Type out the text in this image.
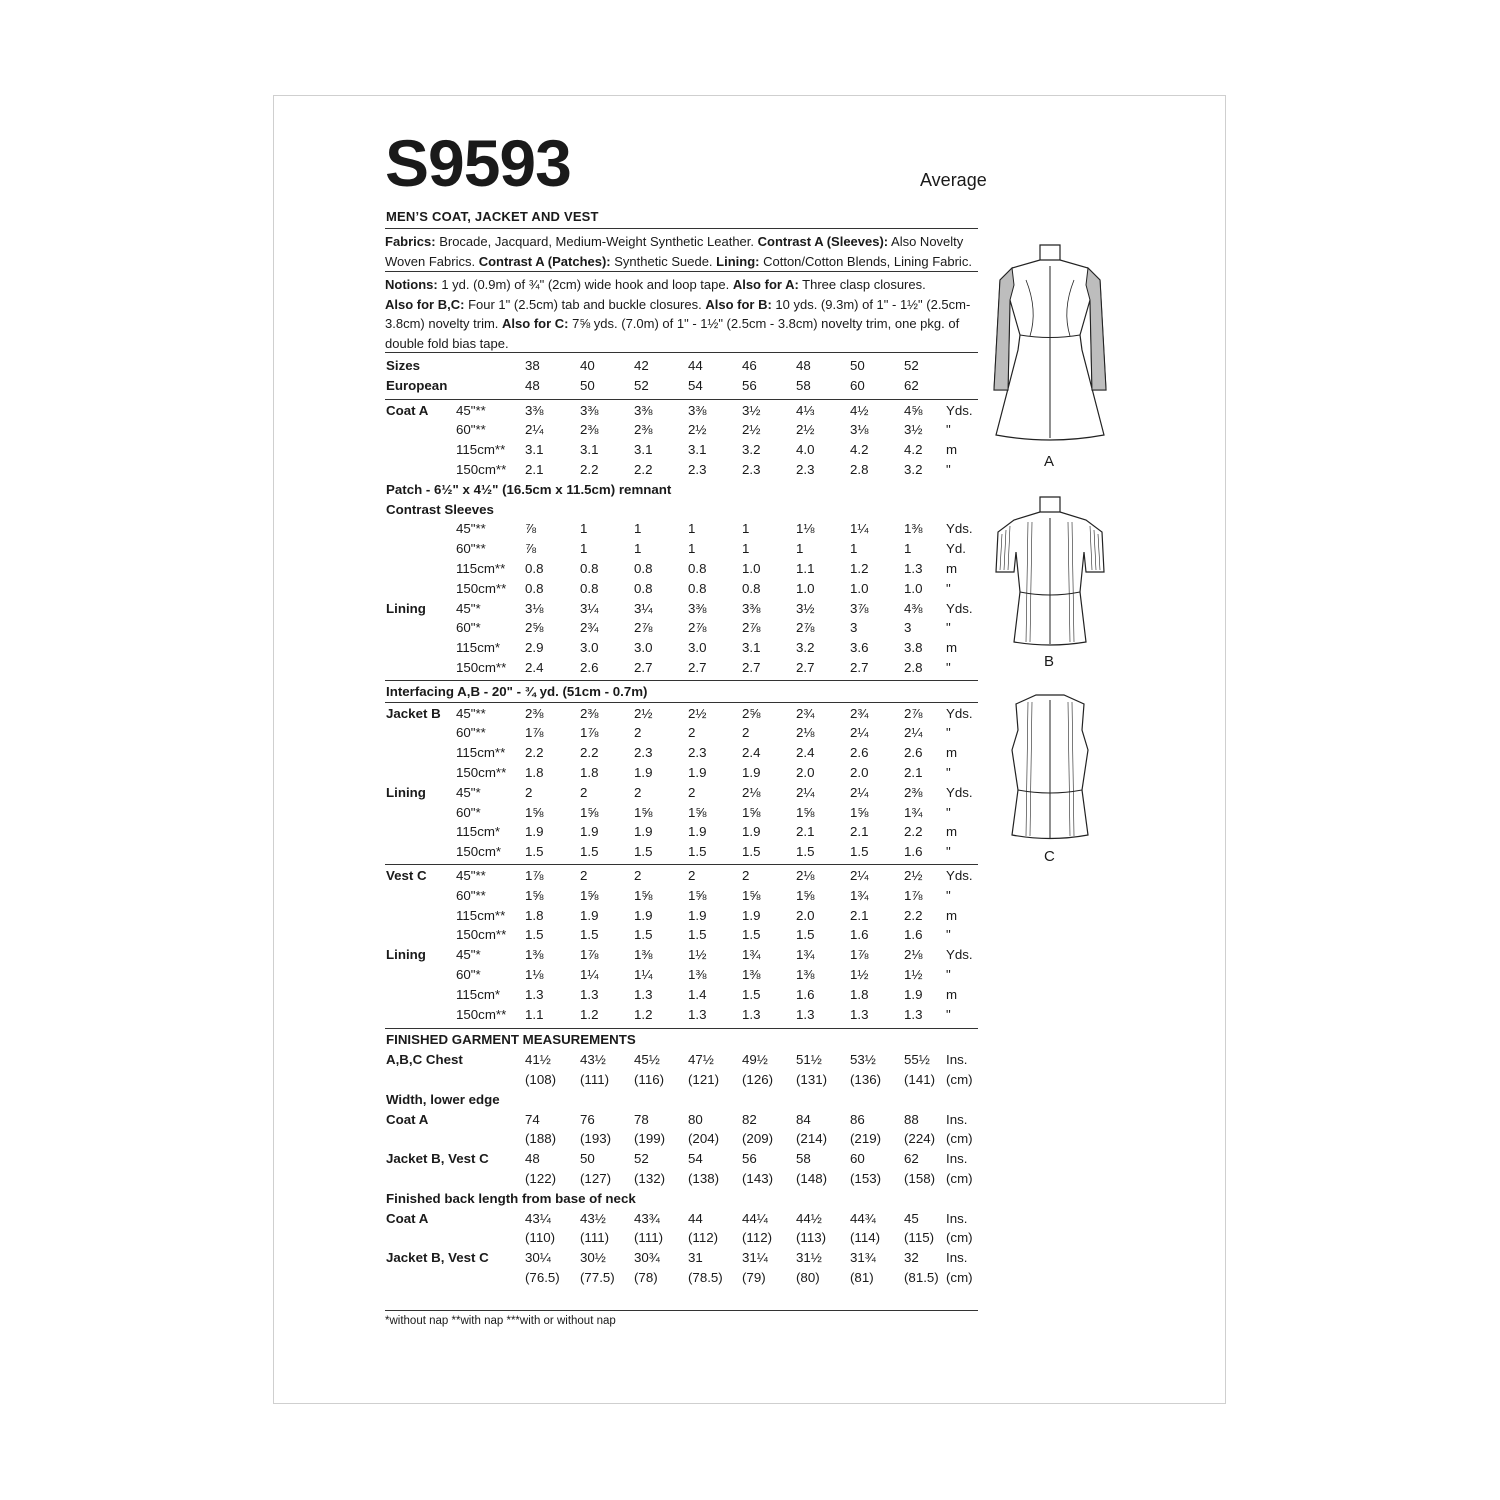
S9593	Average
MEN’S COAT, JACKET AND VEST
Fabrics: Brocade, Jacquard, Medium-Weight Synthetic Leather. Contrast A (Sleeves): Also Novelty Woven Fabrics. Contrast A (Patches): Synthetic Suede. Lining: Cotton/Cotton Blends, Lining Fabric.
Notions: 1 yd. (0.9m) of ¾" (2cm) wide hook and loop tape. Also for A: Three clasp closures.
Also for B,C: Four 1" (2.5cm) tab and buckle closures. Also for B: 10 yds. (9.3m) of 1" - 1½" (2.5cm-3.8cm) novelty trim. Also for C: 7⅝ yds. (7.0m) of 1" - 1½" (2.5cm - 3.8cm) novelty trim, one pkg. of double fold bias tape.
Sizes	38	40	42	44	46	48	50	52
European	48	50	52	54	56	58	60	62
Coat A 45"**	3⅜	3⅜	3⅜	3⅜	3½	4⅓	4½	4⅝ Yds.
60"**	2¼	2⅜	2⅜	2½	2½	2½	3⅛	3½ "
115cm** 3.1	3.1	3.1	3.1	3.2	4.0	4.2	4.2 m
150cm** 2.1	2.2	2.2	2.3	2.3	2.3	2.8	3.2 "
Patch - 6½" x 4½" (16.5cm x 11.5cm) remnant
Contrast Sleeves
45"**	⅞	1	1	1	1	1⅛	1¼	1⅜ Yds.
60"**	⅞	1	1	1	1	1	1	1	Yd.
115cm** 0.8	0.8	0.8	0.8	1.0	1.1	1.2	1.3 m
150cm** 0.8	0.8	0.8	0.8	0.8	1.0	1.0	1.0 "
Lining 45"*	3⅛	3¼	3¼	3⅜	3⅜	3½	3⅞	4⅜ Yds.
60"*	2⅝	2¾	2⅞	2⅞	2⅞	2⅞	3	3	"
115cm* 2.9	3.0	3.0	3.0	3.1	3.2	3.6	3.8 m
150cm** 2.4	2.6	2.7	2.7	2.7	2.7	2.7	2.8 "
Interfacing A,B - 20" - ¾ yd. (51cm - 0.7m)
Jacket B 45"**	2⅜	2⅜	2½	2½	2⅝	2¾	2¾	2⅞ Yds.
60"**	1⅞	1⅞	2	2	2	2⅛	2¼	2¼ "
115cm** 2.2	2.2	2.3	2.3	2.4	2.4	2.6	2.6 m
150cm** 1.8	1.8	1.9	1.9	1.9	2.0	2.0	2.1 "
Lining 45"*	2	2	2	2	2⅛	2¼	2¼	2⅜ Yds.
60"*	1⅝	1⅝	1⅝	1⅝	1⅝	1⅝	1⅝	1¾ "
115cm* 1.9	1.9	1.9	1.9	1.9	2.1	2.1	2.2 m
150cm* 1.5	1.5	1.5	1.5	1.5	1.5	1.5	1.6 "
Vest C 45"**	1⅞	2	2	2	2	2⅛	2¼	2½ Yds.
60"**	1⅝	1⅝	1⅝	1⅝	1⅝	1⅝	1¾	1⅞ "
115cm** 1.8	1.9	1.9	1.9	1.9	2.0	2.1	2.2 m
150cm** 1.5	1.5	1.5	1.5	1.5	1.5	1.6	1.6 "
Lining 45"*	1⅜	1⅞	1⅜	1½	1¾	1¾	1⅞	2⅛ Yds.
60"*	1⅛	1¼	1¼	1⅜	1⅜	1⅜	1½	1½ "
115cm* 1.3	1.3	1.3	1.4	1.5	1.6	1.8	1.9 m
150cm** 1.1	1.2	1.2	1.3	1.3	1.3	1.3	1.3 "
FINISHED GARMENT MEASUREMENTS
A,B,C Chest	41½ 43½ 45½ 47½ 49½ 51½ 53½ 55½ Ins.
(108) (111) (116) (121) (126) (131) (136) (141) (cm)
Width, lower edge
Coat A	74	76	78	80	82	84	86	88 Ins.
(188) (193) (199) (204) (209) (214) (219) (224) (cm)
Jacket B, Vest C	48	50	52	54	56	58	60	62 Ins.
(122) (127) (132) (138) (143) (148) (153) (158) (cm)
Finished back length from base of neck
Coat A	43¼ 43½ 43¾ 44	44¼ 44½ 44¾ 45 Ins.
(110) (111) (111) (112) (112) (113) (114) (115) (cm)
Jacket B, Vest C	30¼ 30½ 30¾ 31	31¼ 31½ 31¾ 32 Ins.
(76.5) (77.5) (78) (78.5) (79) (80) (81) (81.5) (cm)
*without nap **with nap ***with or without nap
A
B
C
